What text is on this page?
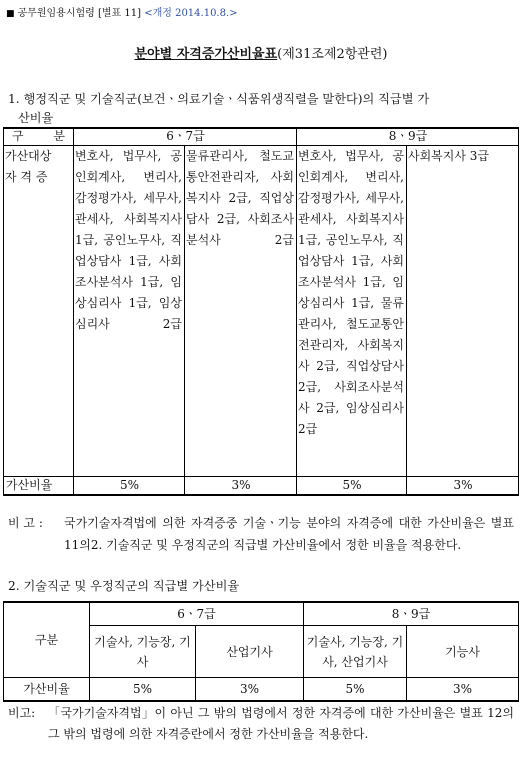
■ 공무원임용시험령 [별표 11] <개정 2014.10.8.>
분야별 자격증가산비율표(제31조제2항관련)
1. 행정직군 및 기술직군(보건ㆍ의료기술ㆍ식품위생직렬을 말한다)의 직급별 가
산비율
구 분	6ㆍ7급		8ㆍ9급	

가산대상
자 격 증	변호사, 법무사, 공인회계사, 변리사, 감정평가사, 세무사, 관세사, 사회복지사 1급, 공인노무사, 직업상담사 1급, 사회조사분석사 1급, 임상심리사 1급, 임상심리사 2급	물류관리사, 철도교통안전관리자, 사회복지사 2급, 직업상담사 2급, 사회조사분석사 2급	변호사, 법무사, 공인회계사, 변리사, 감정평가사, 세무사, 관세사, 사회복지사 1급, 공인노무사, 직업상담사 1급, 사회조사분석사 1급, 임상심리사 1급, 물류관리사, 철도교통안전관리자, 사회복지사 2급, 직업상담사 2급, 사회조사분석사 2급, 임상심리사 2급	사회복지사 3급
가산비율	5%	3%	5%	3%
비 고 : 국가기술자격법에 의한 자격증중 기술ㆍ기능 분야의 자격증에 대한 가산비율은 별표 11의2. 기술직군 및 우정직군의 직급별 가산비율에서 정한 비율을 적용한다.
2. 기술직군 및 우정직군의 직급별 가산비율
구분	6ㆍ7급		8ㆍ9급	
	기술사, 기능장, 기사	산업기사	기술사, 기능장, 기사, 산업기사	기능사
가산비율	5%	3%	5%	3%
비고: 「국가기술자격법」이 아닌 그 밖의 법령에서 정한 자격증에 대한 가산비율은 별표 12의 그 밖의 법령에 의한 자격증란에서 정한 가산비율을 적용한다.
